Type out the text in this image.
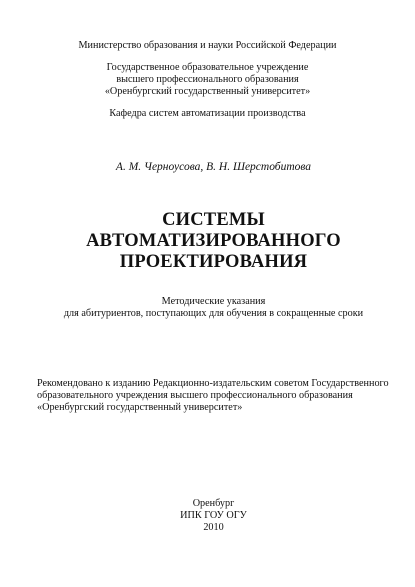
Министерство образования и науки Российской Федерации
Государственное образовательное учреждение
высшего профессионального образования
«Оренбургский государственный университет»
Кафедра систем автоматизации производства
А. М. Черноусова, В. Н. Шерстобитова
СИСТЕМЫ
АВТОМАТИЗИРОВАННОГО
ПРОЕКТИРОВАНИЯ
Методические указания
для абитуриентов, поступающих для обучения в сокращенные сроки
Рекомендовано к изданию Редакционно-издательским советом Государственного
образовательного учреждения высшего профессионального образования
«Оренбургский государственный университет»
Оренбург
ИПК ГОУ ОГУ
2010
